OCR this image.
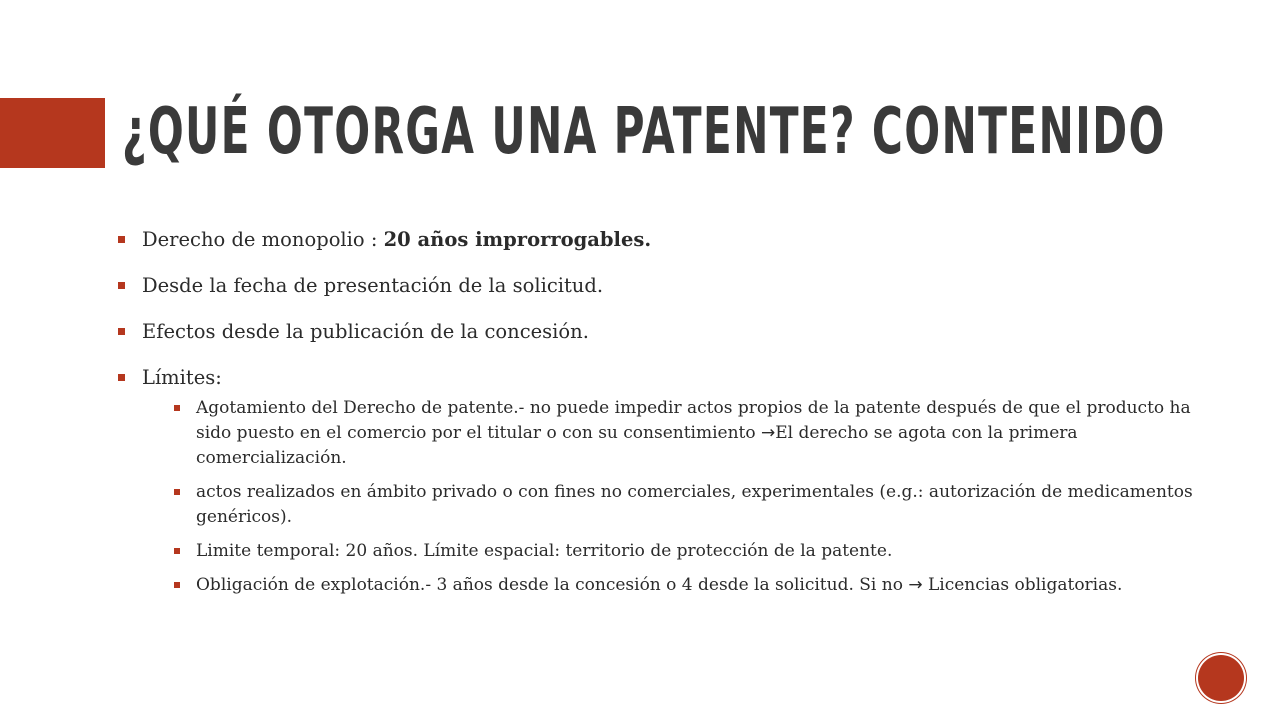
¿QUÉ OTORGA UNA PATENTE? CONTENIDO
Derecho de monopolio : 20 años improrrogables.
Desde la fecha de presentación de la solicitud.
Efectos desde la publicación de la concesión.
Límites:
Agotamiento del Derecho de patente.- no puede impedir actos propios de la patente después de que el producto ha sido puesto en el comercio por el titular o con su consentimiento →El derecho se agota con la primera comercialización.
actos realizados en ámbito privado o con fines no comerciales, experimentales (e.g.: autorización de medicamentos genéricos).
Limite temporal: 20 años. Límite espacial: territorio de protección de la patente.
Obligación de explotación.- 3 años desde la concesión o 4 desde la solicitud. Si no → Licencias obligatorias.
